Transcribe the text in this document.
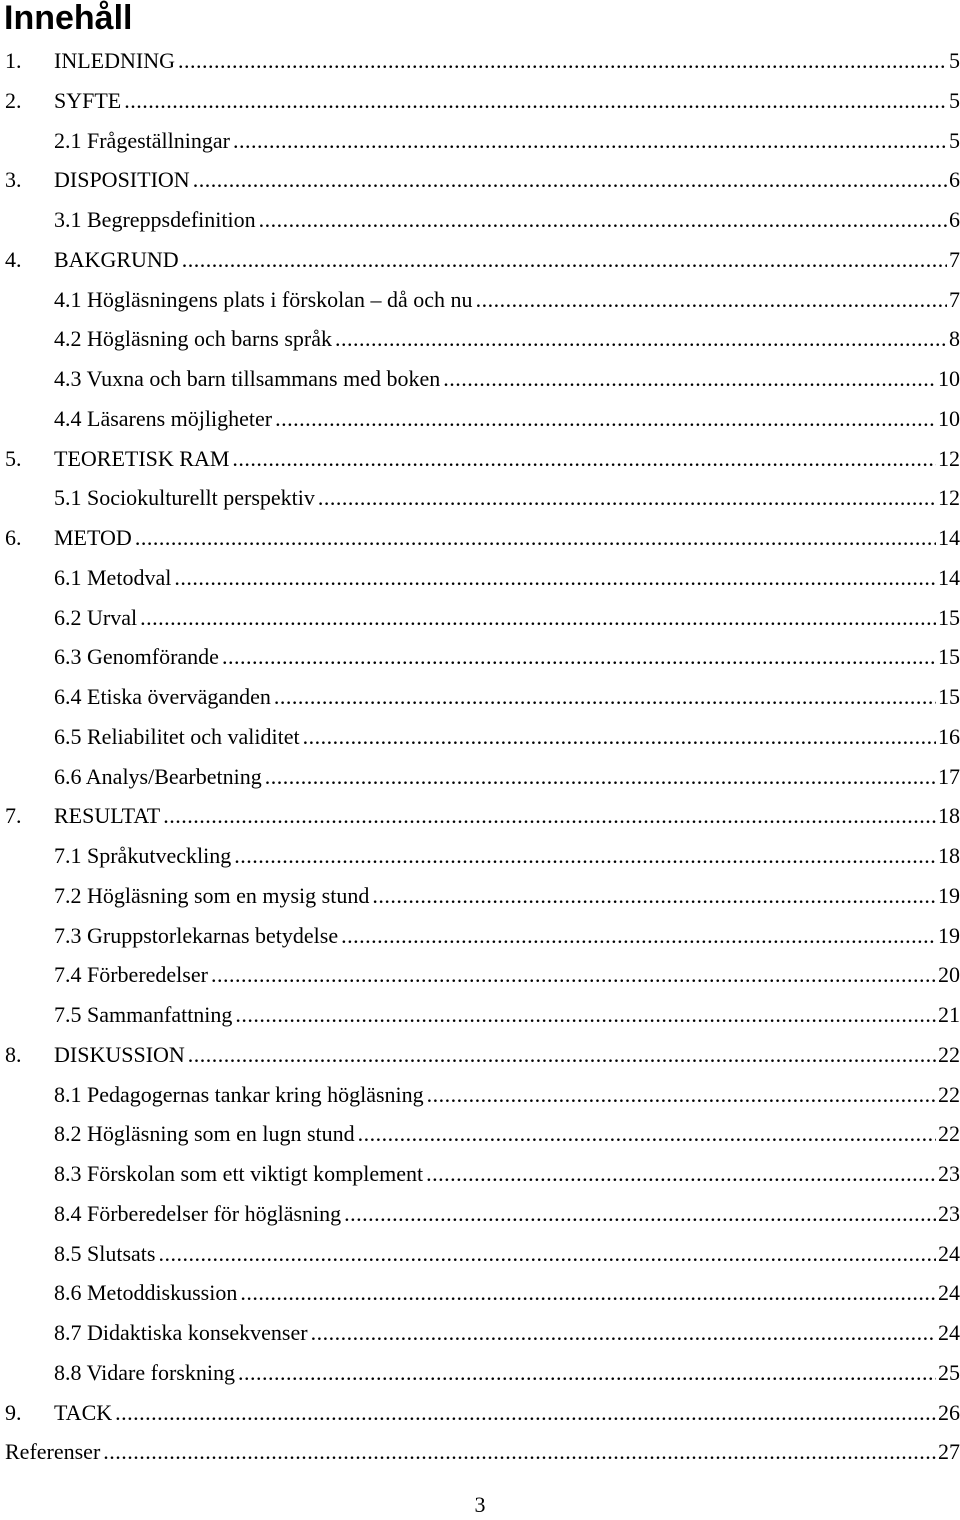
Innehåll
1. INLEDNING .....	5
2. SYFTE .....	5
2.1 Frågeställningar .....	5
3. DISPOSITION .....	6
3.1 Begreppsdefinition .....	6
4. BAKGRUND .....	7
4.1 Högläsningens plats i förskolan – då och nu .....	7
4.2 Högläsning och barns språk .....	8
4.3 Vuxna och barn tillsammans med boken .....	10
4.4 Läsarens möjligheter .....	10
5. TEORETISK RAM .....	12
5.1 Sociokulturellt perspektiv .....	12
6. METOD .....	14
6.1 Metodval .....	14
6.2 Urval .....	15
6.3 Genomförande .....	15
6.4 Etiska överväganden .....	15
6.5 Reliabilitet och validitet .....	16
6.6 Analys/Bearbetning .....	17
7. RESULTAT .....	18
7.1 Språkutveckling .....	18
7.2 Högläsning som en mysig stund .....	19
7.3 Gruppstorlekarnas betydelse .....	19
7.4 Förberedelser .....	20
7.5 Sammanfattning .....	21
8. DISKUSSION .....	22
8.1 Pedagogernas tankar kring högläsning .....	22
8.2 Högläsning som en lugn stund .....	22
8.3 Förskolan som ett viktigt komplement .....	23
8.4 Förberedelser för högläsning .....	23
8.5 Slutsats .....	24
8.6 Metoddiskussion .....	24
8.7 Didaktiska konsekvenser .....	24
8.8 Vidare forskning .....	25
9. TACK .....	26
Referenser .....	27
3
